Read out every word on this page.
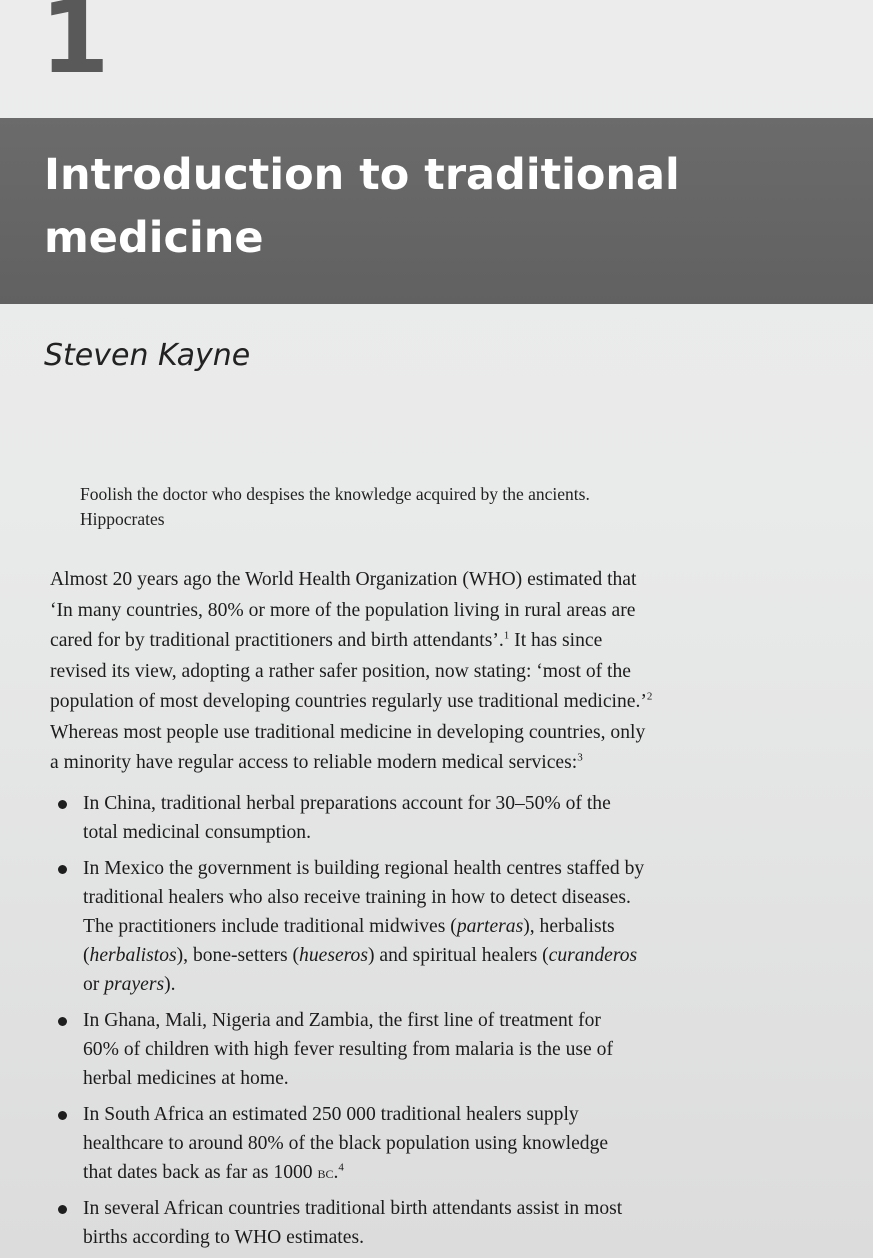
1
Introduction to traditional medicine
Steven Kayne

Foolish the doctor who despises the knowledge acquired by the ancients.

Hippocrates

Almost 20 years ago the World Health Organization (WHO) estimated that
‘In many countries, 80% or more of the population living in rural areas are
cared for by traditional practitioners and birth attendants’.$^1$ It has since
revised its view, adopting a rather safer position, now stating: ‘most of the
population of most developing countries regularly use traditional medicine.’$^2$
Whereas most people use traditional medicine in developing countries, only
a minority have regular access to reliable modern medical services:$^3$

In China, traditional herbal preparations account for 30–50% of the
total medicinal consumption.
In Mexico the government is building regional health centres staffed by
traditional healers who also receive training in how to detect diseases.
The practitioners include traditional midwives (parteras), herbalists
(herbalistos), bone-setters (hueseros) and spiritual healers (curanderos
or prayers).
In Ghana, Mali, Nigeria and Zambia, the first line of treatment for
60% of children with high fever resulting from malaria is the use of
herbal medicines at home.
In South Africa an estimated 250 000 traditional healers supply
healthcare to around 80% of the black population using knowledge
that dates back as far as 1000 bc.$^4$
In several African countries traditional birth attendants assist in most
births according to WHO estimates.
